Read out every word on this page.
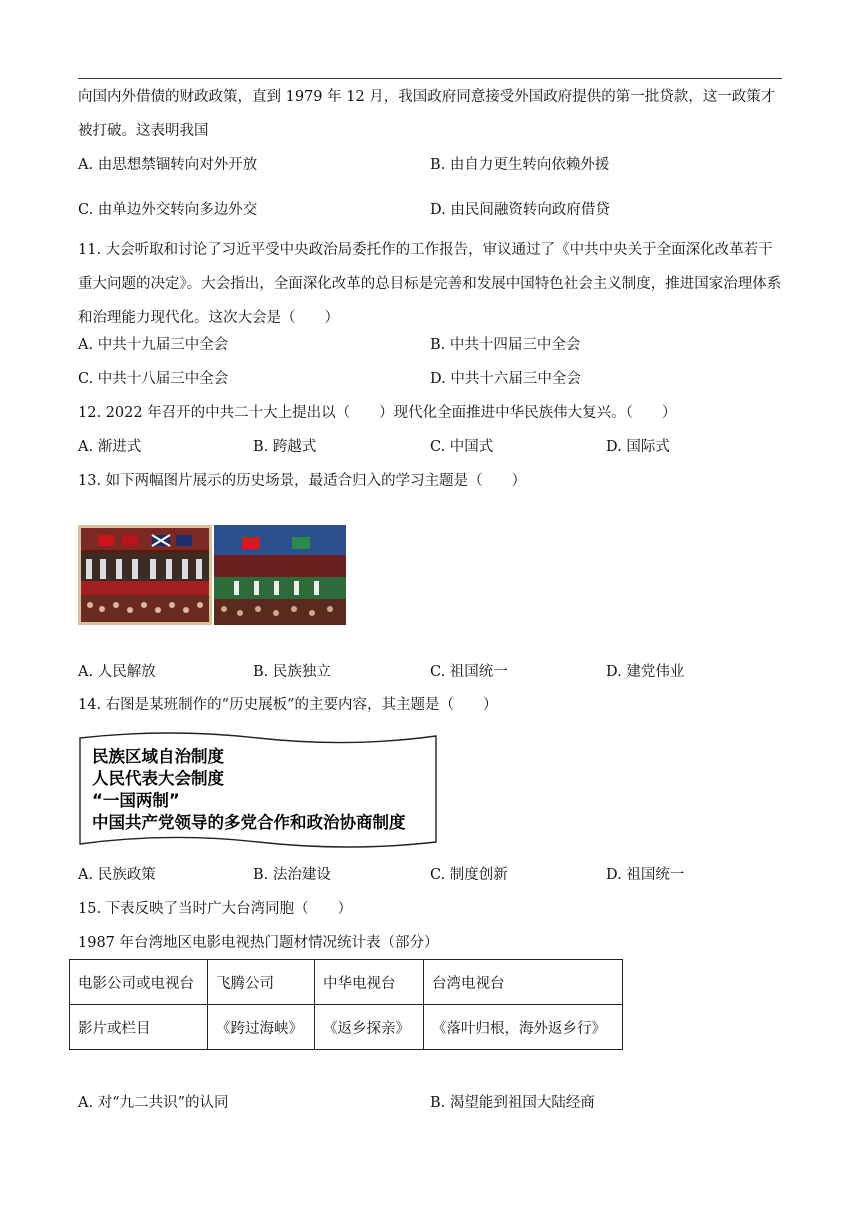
向国内外借债的财政政策，直到 1979 年 12 月，我国政府同意接受外国政府提供的第一批贷款，这一政策才被打破。这表明我国
A. 由思想禁锢转向对外开放	B. 由自力更生转向依赖外援
C. 由单边外交转向多边外交	D. 由民间融资转向政府借贷
11. 大会听取和讨论了习近平受中央政治局委托作的工作报告，审议通过了《中共中央关于全面深化改革若干重大问题的决定》。大会指出，全面深化改革的总目标是完善和发展中国特色社会主义制度，推进国家治理体系和治理能力现代化。这次大会是（　　）
A. 中共十九届三中全会	B. 中共十四届三中全会
C. 中共十八届三中全会	D. 中共十六届三中全会
12. 2022 年召开的中共二十大上提出以（　　）现代化全面推进中华民族伟大复兴。（　　）
A. 渐进式	B. 跨越式	C. 中国式	D. 国际式
13. 如下两幅图片展示的历史场景，最适合归入的学习主题是（　　）
A. 人民解放	B. 民族独立	C. 祖国统一	D. 建党伟业
14. 右图是某班制作的“历史展板”的主要内容，其主题是（　　）
民族区域自治制度
人民代表大会制度
“一国两制”
中国共产党领导的多党合作和政治协商制度
A. 民族政策	B. 法治建设	C. 制度创新	D. 祖国统一
15. 下表反映了当时广大台湾同胞（　　）
1987 年台湾地区电影电视热门题材情况统计表（部分）
电影公司或电视台	飞腾公司	中华电视台	台湾电视台
影片或栏目	《跨过海峡》	《返乡探亲》	《落叶归根，海外返乡行》
A. 对“九二共识”的认同	B. 渴望能到祖国大陆经商
